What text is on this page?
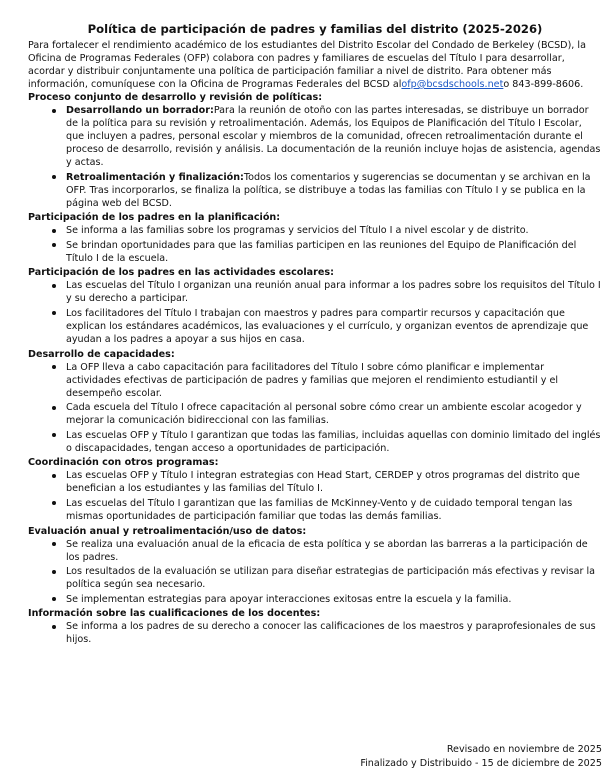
Política de participación de padres y familias del distrito (2025-2026)

Para fortalecer el rendimiento académico de los estudiantes del Distrito Escolar del Condado de Berkeley (BCSD), la Oficina de Programas Federales (OFP) colabora con padres y familiares de escuelas del Título I para desarrollar, acordar y distribuir conjuntamente una política de participación familiar a nivel de distrito. Para obtener más información, comuníquese con la Oficina de Programas Federales del BCSD alofp@bcsdschools.neto 843-899-8606.

Proceso conjunto de desarrollo y revisión de políticas:
Desarrollando un borrador:Para la reunión de otoño con las partes interesadas, se distribuye un borrador de la política para su revisión y retroalimentación. Además, los Equipos de Planificación del Título I Escolar, que incluyen a padres, personal escolar y miembros de la comunidad, ofrecen retroalimentación durante el proceso de desarrollo, revisión y análisis. La documentación de la reunión incluye hojas de asistencia, agendas y actas.
Retroalimentación y finalización:Todos los comentarios y sugerencias se documentan y se archivan en la OFP. Tras incorporarlos, se finaliza la política, se distribuye a todas las familias con Título I y se publica en la página web del BCSD.
Participación de los padres en la planificación:
Se informa a las familias sobre los programas y servicios del Título I a nivel escolar y de distrito.
Se brindan oportunidades para que las familias participen en las reuniones del Equipo de Planificación del Título I de la escuela.
Participación de los padres en las actividades escolares:
Las escuelas del Título I organizan una reunión anual para informar a los padres sobre los requisitos del Título I y su derecho a participar.
Los facilitadores del Título I trabajan con maestros y padres para compartir recursos y capacitación que explican los estándares académicos, las evaluaciones y el currículo, y organizan eventos de aprendizaje que ayudan a los padres a apoyar a sus hijos en casa.
Desarrollo de capacidades:
La OFP lleva a cabo capacitación para facilitadores del Título I sobre cómo planificar e implementar actividades efectivas de participación de padres y familias que mejoren el rendimiento estudiantil y el desempeño escolar.
Cada escuela del Título I ofrece capacitación al personal sobre cómo crear un ambiente escolar acogedor y mejorar la comunicación bidireccional con las familias.
Las escuelas OFP y Título I garantizan que todas las familias, incluidas aquellas con dominio limitado del inglés o discapacidades, tengan acceso a oportunidades de participación.
Coordinación con otros programas:
Las escuelas OFP y Título I integran estrategias con Head Start, CERDEP y otros programas del distrito que benefician a los estudiantes y las familias del Título I.
Las escuelas del Título I garantizan que las familias de McKinney-Vento y de cuidado temporal tengan las mismas oportunidades de participación familiar que todas las demás familias.
Evaluación anual y retroalimentación/uso de datos:
Se realiza una evaluación anual de la eficacia de esta política y se abordan las barreras a la participación de los padres.
Los resultados de la evaluación se utilizan para diseñar estrategias de participación más efectivas y revisar la política según sea necesario.
Se implementan estrategias para apoyar interacciones exitosas entre la escuela y la familia.
Información sobre las cualificaciones de los docentes:
Se informa a los padres de su derecho a conocer las calificaciones de los maestros y paraprofesionales de sus hijos.
Revisado en noviembre de 2025
Finalizado y Distribuido - 15 de diciembre de 2025
